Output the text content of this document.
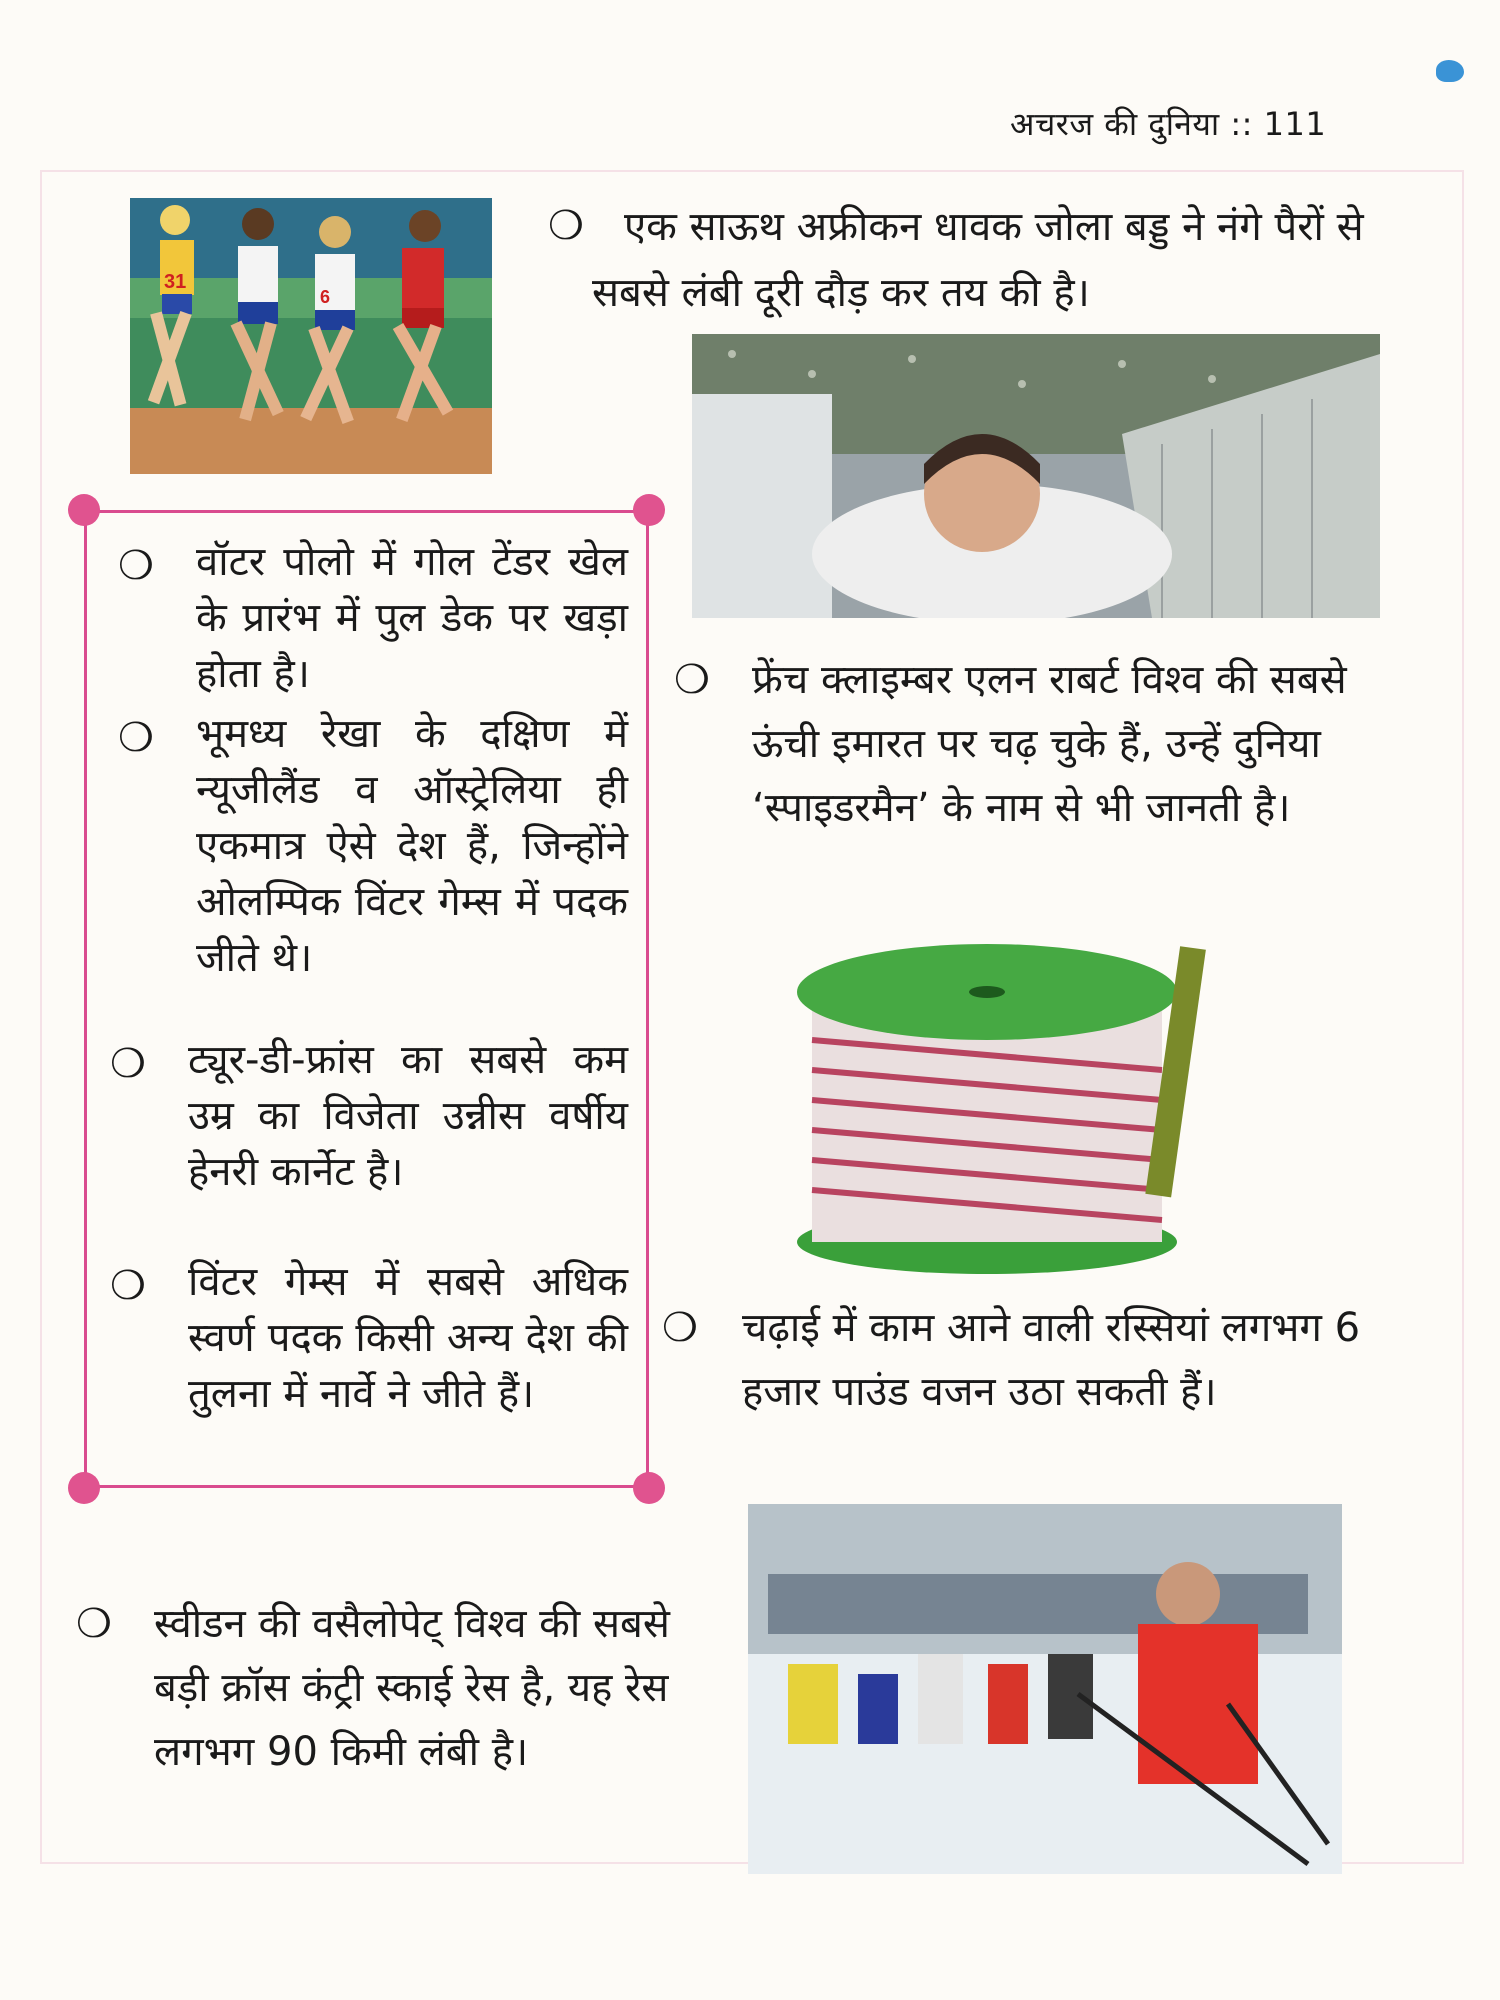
अचरज की दुनिया :: 111
31
6
❍	एक साऊथ अफ्रीकन धावक जोला बड्ड ने नंगे पैरों से सबसे लंबी दूरी दौड़ कर तय की है।
❍ फ्रेंच क्लाइम्बर एलन राबर्ट विश्व की सबसे ऊंची इमारत पर चढ़ चुके हैं, उन्हें दुनिया ‘स्पाइडरमैन’ के नाम से भी जानती है।
❍ चढ़ाई में काम आने वाली रस्सियां लगभग 6 हजार पाउंड वजन उठा सकती हैं।
❍ वॉटर पोलो में गोल टेंडर खेल के प्रारंभ में पुल डेक पर खड़ा होता है।
❍ भूमध्य रेखा के दक्षिण में न्यूजीलैंड व ऑस्ट्रेलिया ही एकमात्र ऐसे देश हैं, जिन्होंने ओलम्पिक विंटर गेम्स में पदक जीते थे।
❍ ट्यूर-डी-फ्रांस का सबसे कम उम्र का विजेता उन्नीस वर्षीय हेनरी कार्नेट है।
❍ विंटर गेम्स में सबसे अधिक स्वर्ण पदक किसी अन्य देश की तुलना में नार्वे ने जीते हैं।
❍ स्वीडन की वसैलोपेट् विश्व की सबसे बड़ी क्रॉस कंट्री स्काई रेस है, यह रेस लगभग 90 किमी लंबी है।
